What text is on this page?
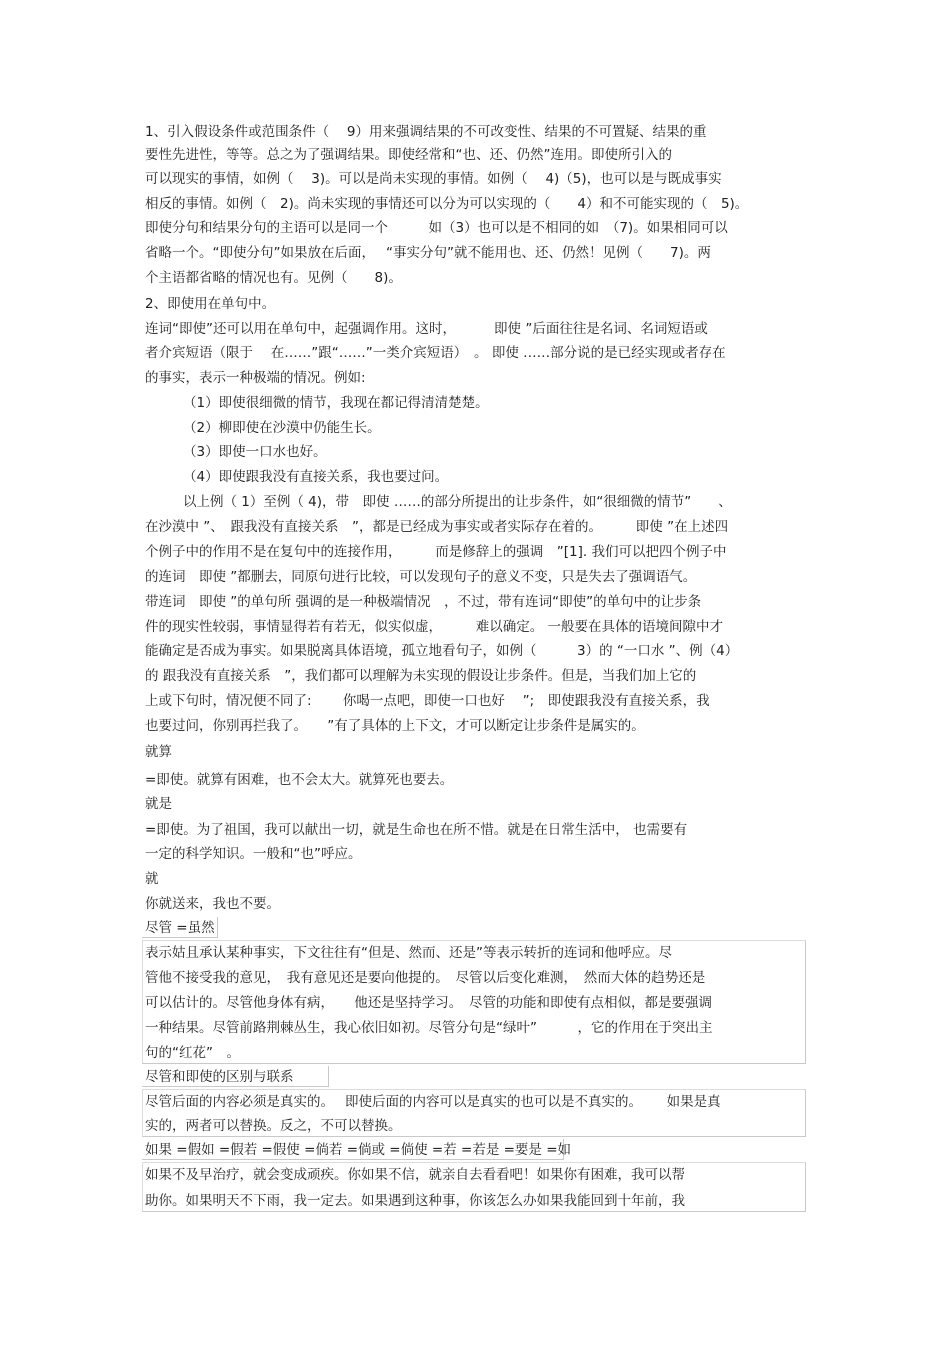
1、引入假设条件或范围条件（　 9）用来强调结果的不可改变性、结果的不可置疑、结果的重
要性先进性，等等。总之为了强调结果。即使经常和“也、还、仍然”连用。即使所引入的
可以现实的事情，如例（　 3)。可以是尚未实现的事情。如例（　 4)（5)，也可以是与既成事实
相反的事情。如例（　2)。尚未实现的事情还可以分为可以实现的（　　4）和不可能实现的（　5)。
即使分句和结果分句的主语可以是同一个　　　如（3）也可以是不相同的如　（7)。如果相同可以
省略一个。“即使分句”如果放在后面，　 “事实分句”就不能用也、还、仍然！见例（　　7)。两
个主语都省略的情况也有。见例（　　8)。
2、即使用在单句中。
连词“即使”还可以用在单句中，起强调作用。这时，　　　 即使 ”后面往往是名词、名词短语或
者介宾短语（限于　 在……”跟“……”一类介宾短语）　。 即使 ……部分说的是已经实现或者存在
的事实，表示一种极端的情况。例如:
（1）即使很细微的情节，我现在都记得清清楚楚。
（2）柳即使在沙漠中仍能生长。
（3）即使一口水也好。
（4）即使跟我没有直接关系，我也要过问。
以上例（ 1）至例（ 4)，带　即使 ……的部分所提出的让步条件，如“很细微的情节”　　、
在沙漠中 ”、　跟我没有直接关系　”，都是已经成为事实或者实际存在着的。　　　即使 ”在上述四
个例子中的作用不是在复句中的连接作用，　　　而是修辞上的强调　”[1]. 我们可以把四个例子中
的连词　即使 ”都删去，同原句进行比较，可以发现句子的意义不变，只是失去了强调语气。
带连词　即使 ”的单句所 强调的是一种极端情况　，不过，带有连词“即使”的单句中的让步条
件的现实性较弱，事情显得若有若无，似实似虚，　　　难以确定。 一般要在具体的语境间隙中才
能确定是否成为事实。如果脱离具体语境，孤立地看句子，如例（　　　3）的 “一口水 ”、例（4）
的 跟我没有直接关系　”，我们都可以理解为未实现的假设让步条件。但是，当我们加上它的
上或下句时，情况便不同了:　　 你喝一点吧，即使一口也好　 ”;　即使跟我没有直接关系，我
也要过问，你别再拦我了。　　”有了具体的上下文，才可以断定让步条件是属实的。
就算
=即使。就算有困难，也不会太大。就算死也要去。
就是
=即使。为了祖国，我可以献出一切，就是生命也在所不惜。就是在日常生活中， 也需要有
一定的科学知识。一般和“也”呼应。
就
你就送来，我也不要。
尽管 =虽然
表示姑且承认某种事实，下文往往有“但是、然而、还是”等表示转折的连词和他呼应。尽
管他不接受我的意见，　我有意见还是要向他提的。　尽管以后变化难测，　然而大体的趋势还是
可以估计的。尽管他身体有病，　　他还是坚持学习。　尽管的功能和即使有点相似，都是要强调
一种结果。尽管前路荆棘丛生，我心依旧如初。尽管分句是“绿叶”　　　，它的作用在于突出主
句的“红花”　。
尽管和即使的区别与联系
尽管后面的内容必须是真实的。　 即使后面的内容可以是真实的也可以是不真实的。　　 如果是真
实的，两者可以替换。反之，不可以替换。
如果 =假如 =假若 =假使 =倘若 =倘或 =倘使 =若 =若是 =要是 =如
如果不及早治疗，就会变成顽疾。你如果不信，就亲自去看看吧！如果你有困难，我可以帮
助你。如果明天不下雨，我一定去。如果遇到这种事，你该怎么办如果我能回到十年前，我
